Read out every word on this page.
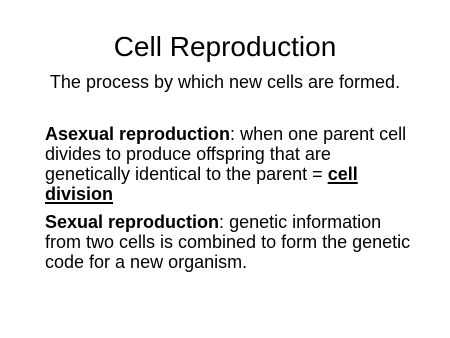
Cell Reproduction

The process by which new cells are formed.

Asexual reproduction: when one parent cell divides to produce offspring that are genetically identical to the parent = cell division

Sexual reproduction: genetic information from two cells is combined to form the genetic code for a new organism.
